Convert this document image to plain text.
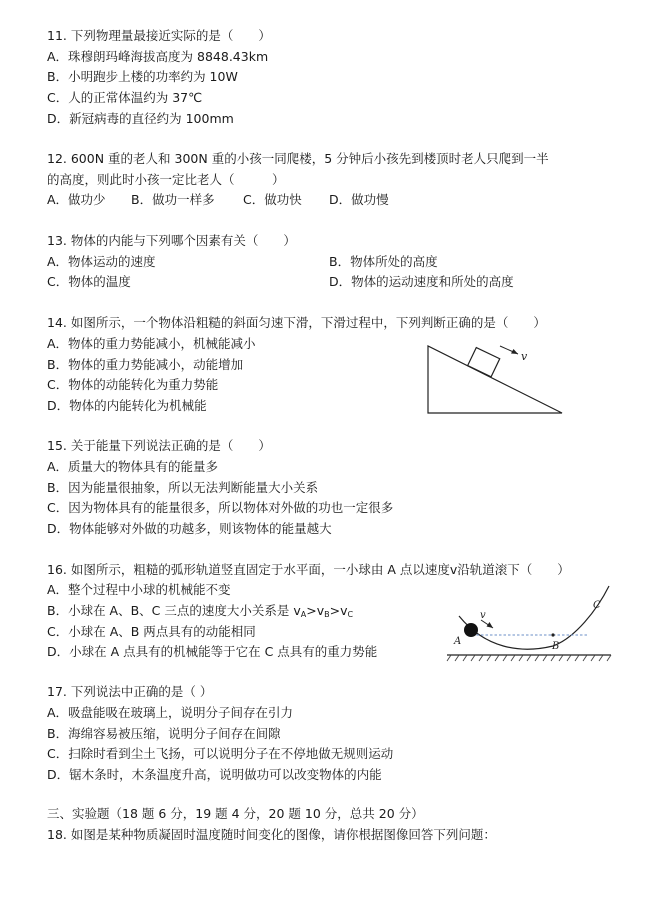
11. 下列物理量最接近实际的是（　　）
A．珠穆朗玛峰海拔高度为 8848.43km
B．小明跑步上楼的功率约为 10W
C．人的正常体温约为 37℃
D．新冠病毒的直径约为 100mm
12. 600N 重的老人和 300N 重的小孩一同爬楼，5 分钟后小孩先到楼顶时老人只爬到一半
的高度，则此时小孩一定比老人（　　　）
A．做功少 B．做功一样多 C．做功快 D．做功慢
13. 物体的内能与下列哪个因素有关（　　）
A．物体运动的速度	B．物体所处的高度
C．物体的温度	D．物体的运动速度和所处的高度
14. 如图所示，一个物体沿粗糙的斜面匀速下滑，下滑过程中，下列判断正确的是（　　）
A．物体的重力势能减小，机械能减小
B．物体的重力势能减小，动能增加
C．物体的动能转化为重力势能
D．物体的内能转化为机械能
v
15. 关于能量下列说法正确的是（　　）
A．质量大的物体具有的能量多
B．因为能量很抽象，所以无法判断能量大小关系
C．因为物体具有的能量很多，所以物体对外做的功也一定很多
D．物体能够对外做的功越多，则该物体的能量越大
16. 如图所示，粗糙的弧形轨道竖直固定于水平面，一小球由 A 点以速度v沿轨道滚下（　　）
A．整个过程中小球的机械能不变
B．小球在 A、B、C 三点的速度大小关系是 $v_A>v_B>v_C$
C．小球在 A、B 两点具有的动能相同
D．小球在 A 点具有的机械能等于它在 C 点具有的重力势能
v
A	B
C
17. 下列说法中正确的是（ ）
A．吸盘能吸在玻璃上，说明分子间存在引力
B．海绵容易被压缩，说明分子间存在间隙
C．扫除时看到尘土飞扬，可以说明分子在不停地做无规则运动
D．锯木条时，木条温度升高，说明做功可以改变物体的内能
三、实验题（18 题 6 分，19 题 4 分，20 题 10 分，总共 20 分）
18. 如图是某种物质凝固时温度随时间变化的图像，请你根据图像回答下列问题：
